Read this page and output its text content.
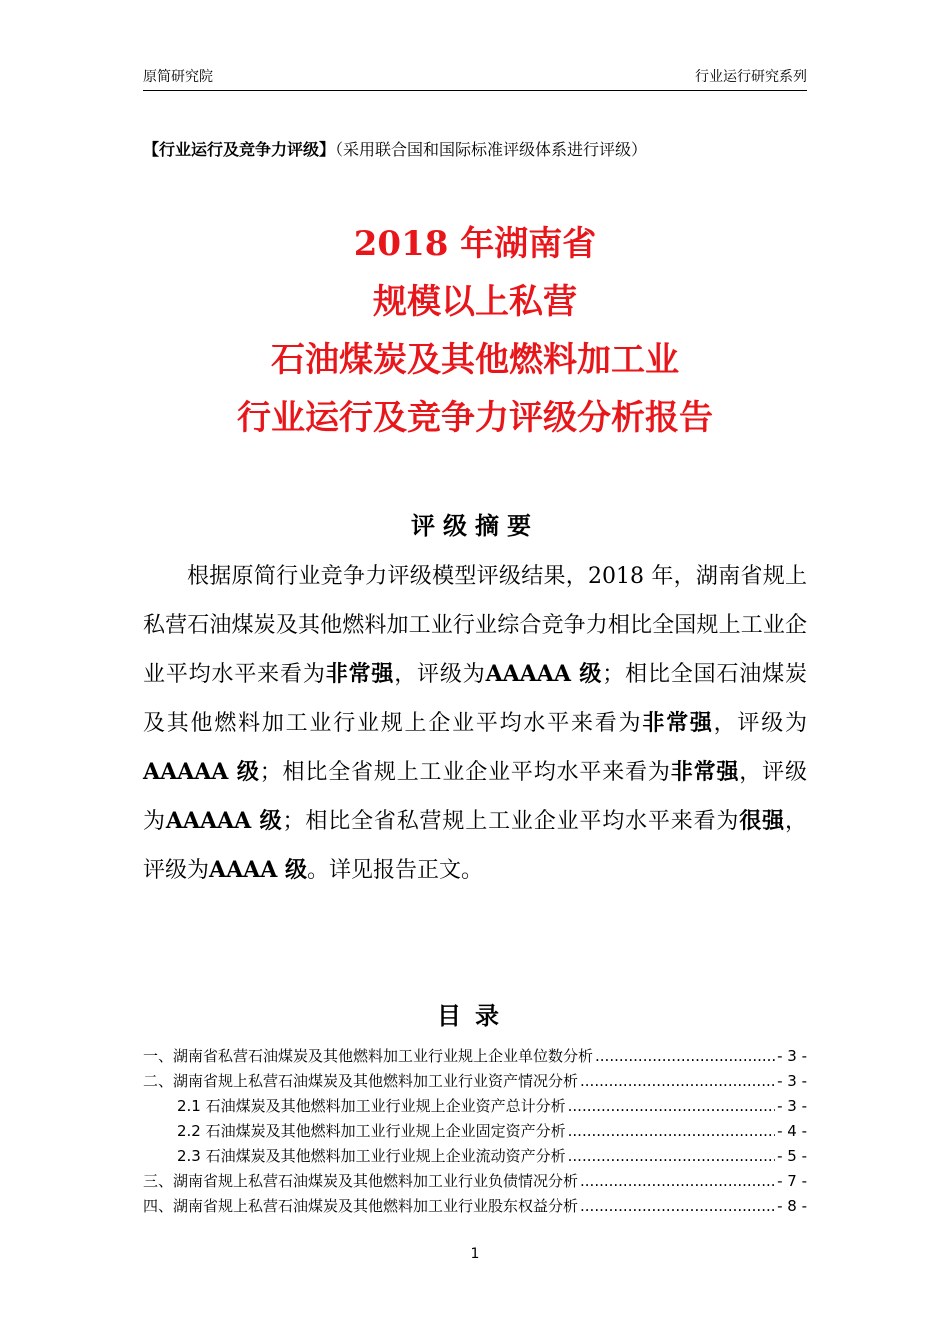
原简研究院	行业运行研究系列
【行业运行及竞争力评级】（采用联合国和国际标准评级体系进行评级）
2018 年湖南省
规模以上私营
石油煤炭及其他燃料加工业
行业运行及竞争力评级分析报告
评级摘要

根据原简行业竞争力评级模型评级结果，2018 年，湖南省规上私营石油煤炭及其他燃料加工业行业综合竞争力相比全国规上工业企业平均水平来看为非常强，评级为AAAAA 级；相比全国石油煤炭及其他燃料加工业行业规上企业平均水平来看为非常强，评级为AAAAA 级；相比全省规上工业企业平均水平来看为非常强，评级为AAAAA 级；相比全省私营规上工业企业平均水平来看为很强，评级为AAAA 级。详见报告正文。

目录
一、湖南省私营石油煤炭及其他燃料加工业行业规上企业单位数分析 .....	- 3 -
二、湖南省规上私营石油煤炭及其他燃料加工业行业资产情况分析 .....	- 3 -
2.1 石油煤炭及其他燃料加工业行业规上企业资产总计分析 .....	- 3 -
2.2 石油煤炭及其他燃料加工业行业规上企业固定资产分析 .....	- 4 -
2.3 石油煤炭及其他燃料加工业行业规上企业流动资产分析 .....	- 5 -
三、湖南省规上私营石油煤炭及其他燃料加工业行业负债情况分析 .....	- 7 -
四、湖南省规上私营石油煤炭及其他燃料加工业行业股东权益分析 .....	- 8 -
1
